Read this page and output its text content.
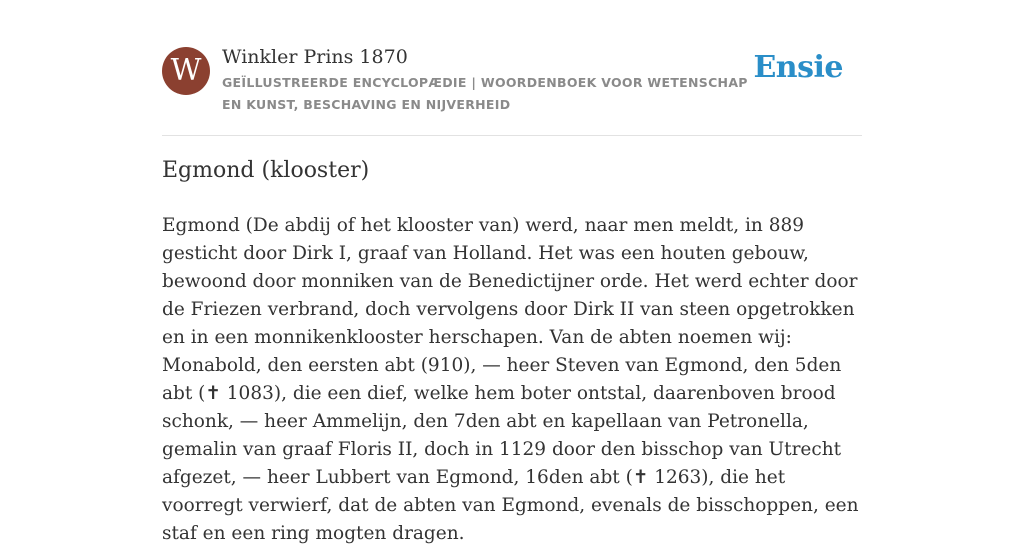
W	Winkler Prins 1870
GEÏLLUSTREERDE ENCYCLOPÆDIE | WOORDENBOEK VOOR WETENSCHAP EN KUNST, BESCHAVING EN NIJVERHEID
Ensie
Egmond (klooster)

Egmond (De abdij of het klooster van) werd, naar men meldt, in 889 gesticht door Dirk I, graaf van Holland. Het was een houten gebouw, bewoond door monniken van de Benedictijner orde. Het werd echter door de Friezen verbrand, doch vervolgens door Dirk II van steen opgetrokken en in een monnikenklooster herschapen. Van de abten noemen wij: Monabold, den eersten abt (910), — heer Steven van Egmond, den 5den abt (✝ 1083), die een dief, welke hem boter ontstal, daarenboven brood schonk, — heer Ammelijn, den 7den abt en kapellaan van Petronella, gemalin van graaf Floris II, doch in 1129 door den bisschop van Utrecht afgezet, — heer Lubbert van Egmond, 16den abt (✝ 1263), die het voorregt verwierf, dat de abten van Egmond, evenals de bisschoppen, een staf en een ring mogten dragen.
